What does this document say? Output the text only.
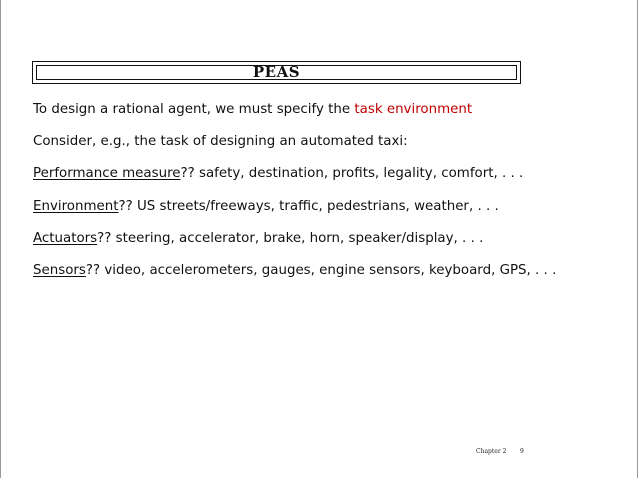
PEAS
To design a rational agent, we must specify the task environment
Consider, e.g., the task of designing an automated taxi:
Performance measure?? safety, destination, profits, legality, comfort, . . .
Environment?? US streets/freeways, traffic, pedestrians, weather, . . .
Actuators?? steering, accelerator, brake, horn, speaker/display, . . .
Sensors?? video, accelerometers, gauges, engine sensors, keyboard, GPS, . . .
Chapter 2 9
